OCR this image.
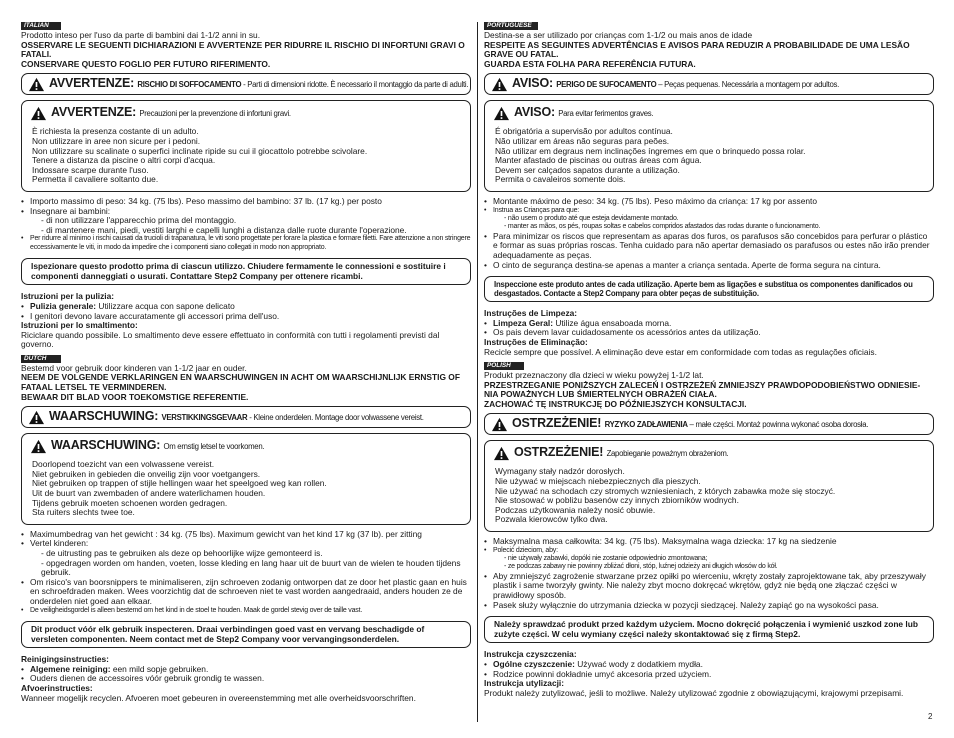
ITALIAN

Prodotto inteso per l'uso da parte di bambini dai 1-1/2 anni in su.

OSSERVARE LE SEGUENTI DICHIARAZIONI E AVVERTENZE PER RIDURRE IL RISCHIO DI INFORTUNI GRAVI O FATALI.

CONSERVARE QUESTO FOGLIO PER FUTURO RIFERIMENTO.

AVVERTENZE: RISCHIO DI SOFFOCAMENTO - Parti di dimensioni ridotte. È necessario il montaggio da parte di adulti.
AVVERTENZE: Precauzioni per la prevenzione di infortuni gravi.

È richiesta la presenza costante di un adulto.

Non utilizzare in aree non sicure per i pedoni.

Non utilizzare su scalinate o superfici inclinate ripide su cui il giocattolo potrebbe scivolare.

Tenere a distanza da piscine o altri corpi d'acqua.

Indossare scarpe durante l'uso.

Permetta il cavaliere soltanto due.

• Importo massimo di peso: 34 kg. (75 lbs). Peso massimo del bambino: 37 lb. (17 kg.) per posto
• Insegnare ai bambini:

- di non utilizzare l'apparecchio prima del montaggio.

- di mantenere mani, piedi, vestiti larghi e capelli lunghi a distanza dalle ruote durante l'operazione.

• Per ridurre al minimo i rischi causati da trucioli di trapanatura, le viti sono progettate per forare la plastica e formare filetti. Fare attenzione a non stringere eccessivamente le viti, in modo da impedire che i componenti siano collegati in modo non appropriato.
Ispezionare questo prodotto prima di ciascun utilizzo. Chiudere fermamente le connessioni e sostituire i componenti danneggiati o usurati. Contattare Step2 Company per ottenere ricambi.

Istruzioni per la pulizia:

• Pulizia generale: Utilizzare acqua con sapone delicato
• I genitori devono lavare accuratamente gli accessori prima dell'uso.

Istruzioni per lo smaltimento:

Riciclare quando possibile. Lo smaltimento deve essere effettuato in conformità con tutti i regolamenti previsti dal governo.

DUTCH

Bestemd voor gebruik door kinderen van 1-1/2 jaar en ouder.

NEEM DE VOLGENDE VERKLARINGEN EN WAARSCHUWINGEN IN ACHT OM WAARSCHIJNLIJK ERNSTIG OF FATAAL LETSEL TE VERMINDEREN.

BEWAAR DIT BLAD VOOR TOEKOMSTIGE REFERENTIE.

WAARSCHUWING: VERSTIKKINGSGEVAAR - Kleine onderdelen. Montage door volwassene vereist.
WAARSCHUWING: Om ernstig letsel te voorkomen.

Doorlopend toezicht van een volwassene vereist.

Niet gebruiken in gebieden die onveilig zijn voor voetgangers.

Niet gebruiken op trappen of stijle hellingen waar het speelgoed weg kan rollen.

Uit de buurt van zwembaden of andere waterlichamen houden.

Tijdens gebruik moeten schoenen worden gedragen.

Sta ruiters slechts twee toe.

• Maximumbedrag van het gewicht : 34 kg. (75 lbs). Maximum gewicht van het kind 17 kg (37 lb). per zitting
• Vertel kinderen:

- de uitrusting pas te gebruiken als deze op behoorlijke wijze gemonteerd is.

- opgedragen worden om handen, voeten, losse kleding en lang haar uit de buurt van de wielen te houden tijdens gebruik.

• Om risico's van boorsnippers te minimaliseren, zijn schroeven zodanig ontworpen dat ze door het plastic gaan en huis en schroefdraden maken. Wees voorzichtig dat de schroeven niet te vast worden aangedraaid, anders houden ze de onderdelen niet goed aan elkaar.
• De veiligheidsgordel is alleen bestemd om het kind in de stoel te houden. Maak de gordel stevig over de taille vast.
Dit product vóór elk gebruik inspecteren. Draai verbindingen goed vast en vervang beschadigde of versleten componenten. Neem contact met de Step2 Company voor vervangingsonderdelen.

Reinigingsinstructies:

• Algemene reiniging: een mild sopje gebruiken.
• Ouders dienen de accessoires vóór gebruik grondig te wassen.

Afvoerinstructies:

Wanneer mogelijk recyclen. Afvoeren moet gebeuren in overeenstemming met alle overheidsvoorschriften.

PORTUGUESE

Destina-se a ser utilizado por crianças com 1-1/2 ou mais anos de idade

RESPEITE AS SEGUINTES ADVERTÊNCIAS E AVISOS PARA REDUZIR A PROBABILIDADE DE UMA LESÃO GRAVE OU FATAL.

GUARDA ESTA FOLHA PARA REFERÊNCIA FUTURA.

AVISO: PERIGO DE SUFOCAMENTO – Peças pequenas. Necessária a montagem por adultos.
AVISO: Para evitar ferimentos graves.

É obrigatória a supervisão por adultos contínua.

Não utilizar em áreas não seguras para peões.

Não utilizar em degraus nem inclinações íngremes em que o brinquedo possa rolar.

Manter afastado de piscinas ou outras áreas com água.

Devem ser calçados sapatos durante a utilização.

Permita o cavaleiros somente dois.

• Montante máximo de peso: 34 kg. (75 lbs). Peso máximo da criança: 17 kg por assento
• Instrua as Crianças para que:

- não usem o produto até que esteja devidamente montado.

- manter as mãos, os pés, roupas soltas e cabelos compridos afastados das rodas durante o funcionamento.

• Para minimizar os riscos que representam as aparas dos furos, os parafusos são concebidos para perfurar o plástico e formar as suas próprias roscas. Tenha cuidado para não apertar demasiado os parafusos ou estes não irão prender adequadamente as peças.
• O cinto de segurança destina-se apenas a manter a criança sentada. Aperte de forma segura na cintura.
Inspeccione este produto antes de cada utilização. Aperte bem as ligações e substitua os componentes danificados ou desgastados. Contacte a Step2 Company para obter peças de substituição.

Instruções de Limpeza:

• Limpeza Geral: Utilize água ensaboada morna.
• Os pais devem lavar cuidadosamente os acessórios antes da utilização.

Instruções de Eliminação:

Recicle sempre que possível. A eliminação deve estar em conformidade com todas as regulações oficiais.

POLISH

Produkt przeznaczony dla dzieci w wieku powyżej 1-1/2 lat.

PRZESTRZEGANIE PONIŻSZYCH ZALECEŃ I OSTRZEŻEŃ ZMNIEJSZY PRAWDOPODOBIEŃSTWO ODNIESIE-NIA POWAŻNYCH LUB ŚMIERTELNYCH OBRAŻEŃ CIAŁA.

ZACHOWAĆ TĘ INSTRUKCJĘ DO PÓŹNIEJSZYCH KONSULTACJI.

OSTRZEŻENIE! RYZYKO ZADŁAWIENIA – małe części. Montaż powinna wykonać osoba dorosła.
OSTRZEŻENIE! Zapobieganie poważnym obrażeniom.

Wymagany stały nadzór dorosłych.

Nie używać w miejscach niebezpiecznych dla pieszych.

Nie używać na schodach czy stromych wzniesieniach, z których zabawka może się stoczyć.

Nie stosować w pobliżu basenów czy innych zbiorników wodnych.

Podczas użytkowania należy nosić obuwie.

Pozwala kierowców tylko dwa.

• Maksymalna masa całkowita: 34 kg. (75 lbs). Maksymalna waga dziecka: 17 kg na siedzenie
• Polecić dzieciom, aby:

- nie używały zabawki, dopóki nie zostanie odpowiednio zmontowana;

- ze podczas zabawy nie powinny zbliżać dłoni, stóp, luźnej odzieży ani długich włosów do kół.

• Aby zmniejszyć zagrożenie stwarzane przez opiłki po wierceniu, wkręty zostały zaprojektowane tak, aby przeszywały plastik i same tworzyły gwinty. Nie należy zbyt mocno dokręcać wkrętów, gdyż nie będą one złączać części w prawidłowy sposób.
• Pasek służy wyłącznie do utrzymania dziecka w pozycji siedzącej. Należy zapiąć go na wysokości pasa.
Należy sprawdzać produkt przed każdym użyciem. Mocno dokręcić połączenia i wymienić uszkod zone lub zużyte części. W celu wymiany części należy skontaktować się z firmą Step2.

Instrukcja czyszczenia:

• Ogólne czyszczenie: Używać wody z dodatkiem mydła.
• Rodzice powinni dokładnie umyć akcesoria przed użyciem.

Instrukcja utylizacji:

Produkt należy zutylizować, jeśli to możliwe. Należy utylizować zgodnie z obowiązującymi, krajowymi przepisami.

2
